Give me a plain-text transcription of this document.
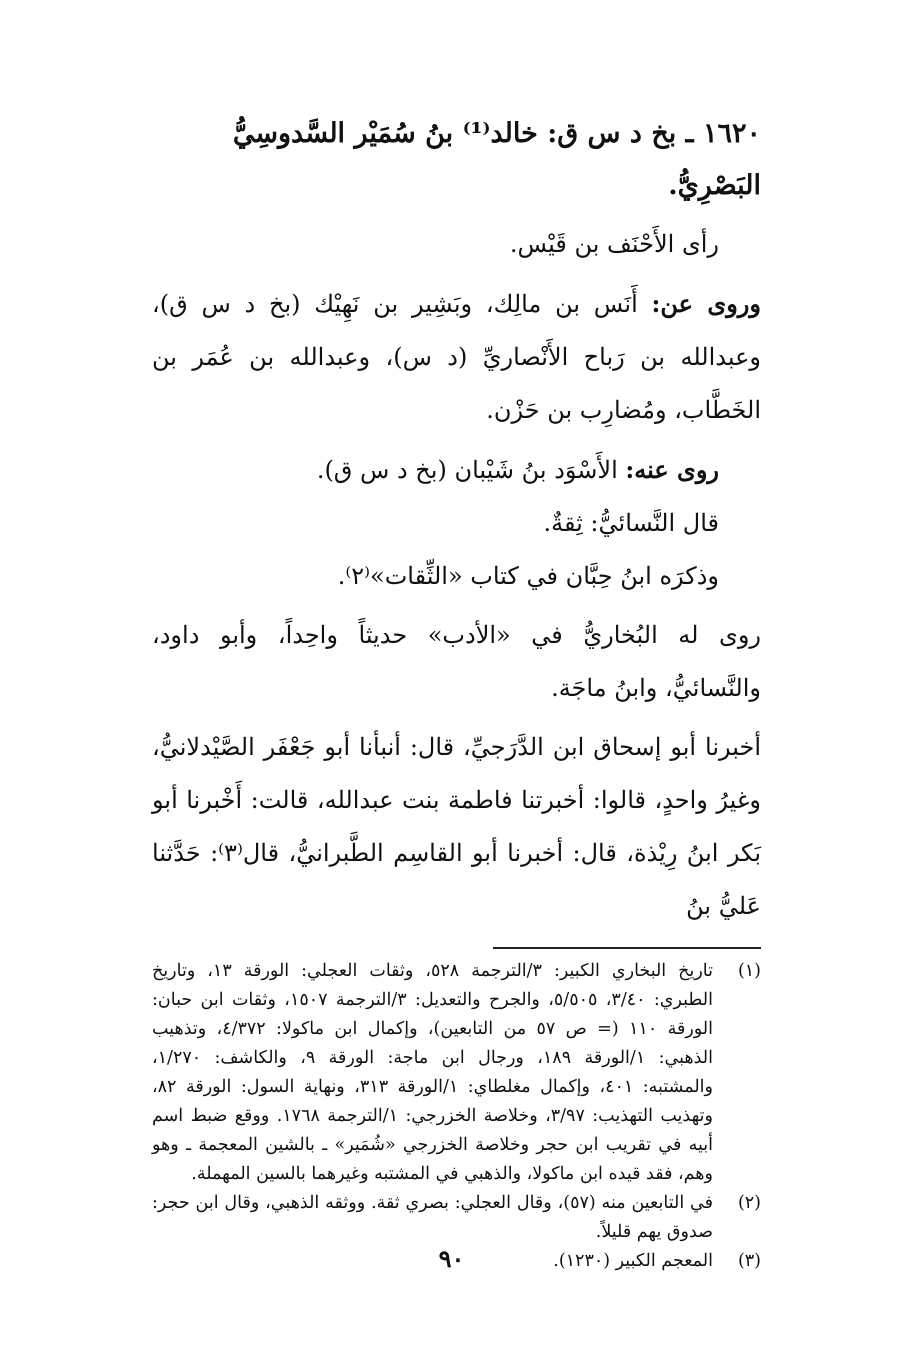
١٦٢٠ ـ بخ د س ق: خالد⁽¹⁾ بنُ سُمَيْر السَّدوسِيُّ البَصْرِيُّ.

رأى الأَحْنَف بن قَيْس.

وروى عن: أَنَس بن مالِك، وبَشِير بن نَهِيْك (بخ د س ق)، وعبدالله بن رَباح الأَنْصاريِّ (د س)، وعبدالله بن عُمَر بن الخَطَّاب، ومُضارِب بن حَزْن.

روى عنه: الأَسْوَد بنُ شَيْبان (بخ د س ق).

قال النَّسائيُّ: ثِقةٌ.

وذكرَه ابنُ حِبَّان في كتاب «الثِّقات»⁽٢⁾.

روى له البُخاريُّ في «الأدب» حديثاً واحِداً، وأبو داود، والنَّسائيُّ، وابنُ ماجَة.

أخبرنا أبو إسحاق ابن الدَّرَجيِّ، قال: أنبأنا أبو جَعْفَر الصَّيْدلانيُّ، وغيرُ واحدٍ، قالوا: أخبرتنا فاطمة بنت عبدالله، قالت: أَخْبرنا أبو بَكر ابنُ رِيْذة، قال: أخبرنا أبو القاسِم الطَّبرانيُّ، قال⁽٣⁾: حَدَّثنا عَليُّ بنُ

(١)
تاريخ البخاري الكبير: ٣/الترجمة ٥٢٨، وثقات العجلي: الورقة ١٣، وتاريخ الطبري: ٣/٤٠، ٥/٥٠٥، والجرح والتعديل: ٣/الترجمة ١٥٠٧، وثقات ابن حبان: الورقة ١١٠ (= ص ٥٧ من التابعين)، وإكمال ابن ماكولا: ٤/٣٧٢، وتذهيب الذهبي: ١/الورقة ١٨٩، ورجال ابن ماجة: الورقة ٩، والكاشف: ١/٢٧٠، والمشتبه: ٤٠١، وإكمال مغلطاي: ١/الورقة ٣١٣، ونهاية السول: الورقة ٨٢، وتهذيب التهذيب: ٣/٩٧، وخلاصة الخزرجي: ١/الترجمة ١٧٦٨. ووقع ضبط اسم أبيه في تقريب ابن حجر وخلاصة الخزرجي «شُمَير» ـ بالشين المعجمة ـ وهو وهم، فقد قيده ابن ماكولا، والذهبي في المشتبه وغيرهما بالسين المهملة.

(٢)
في التابعين منه (٥٧)، وقال العجلي: بصري ثقة. ووثقه الذهبي، وقال ابن حجر: صدوق يهم قليلاً.

(٣)
المعجم الكبير (١٢٣٠).

٩٠
